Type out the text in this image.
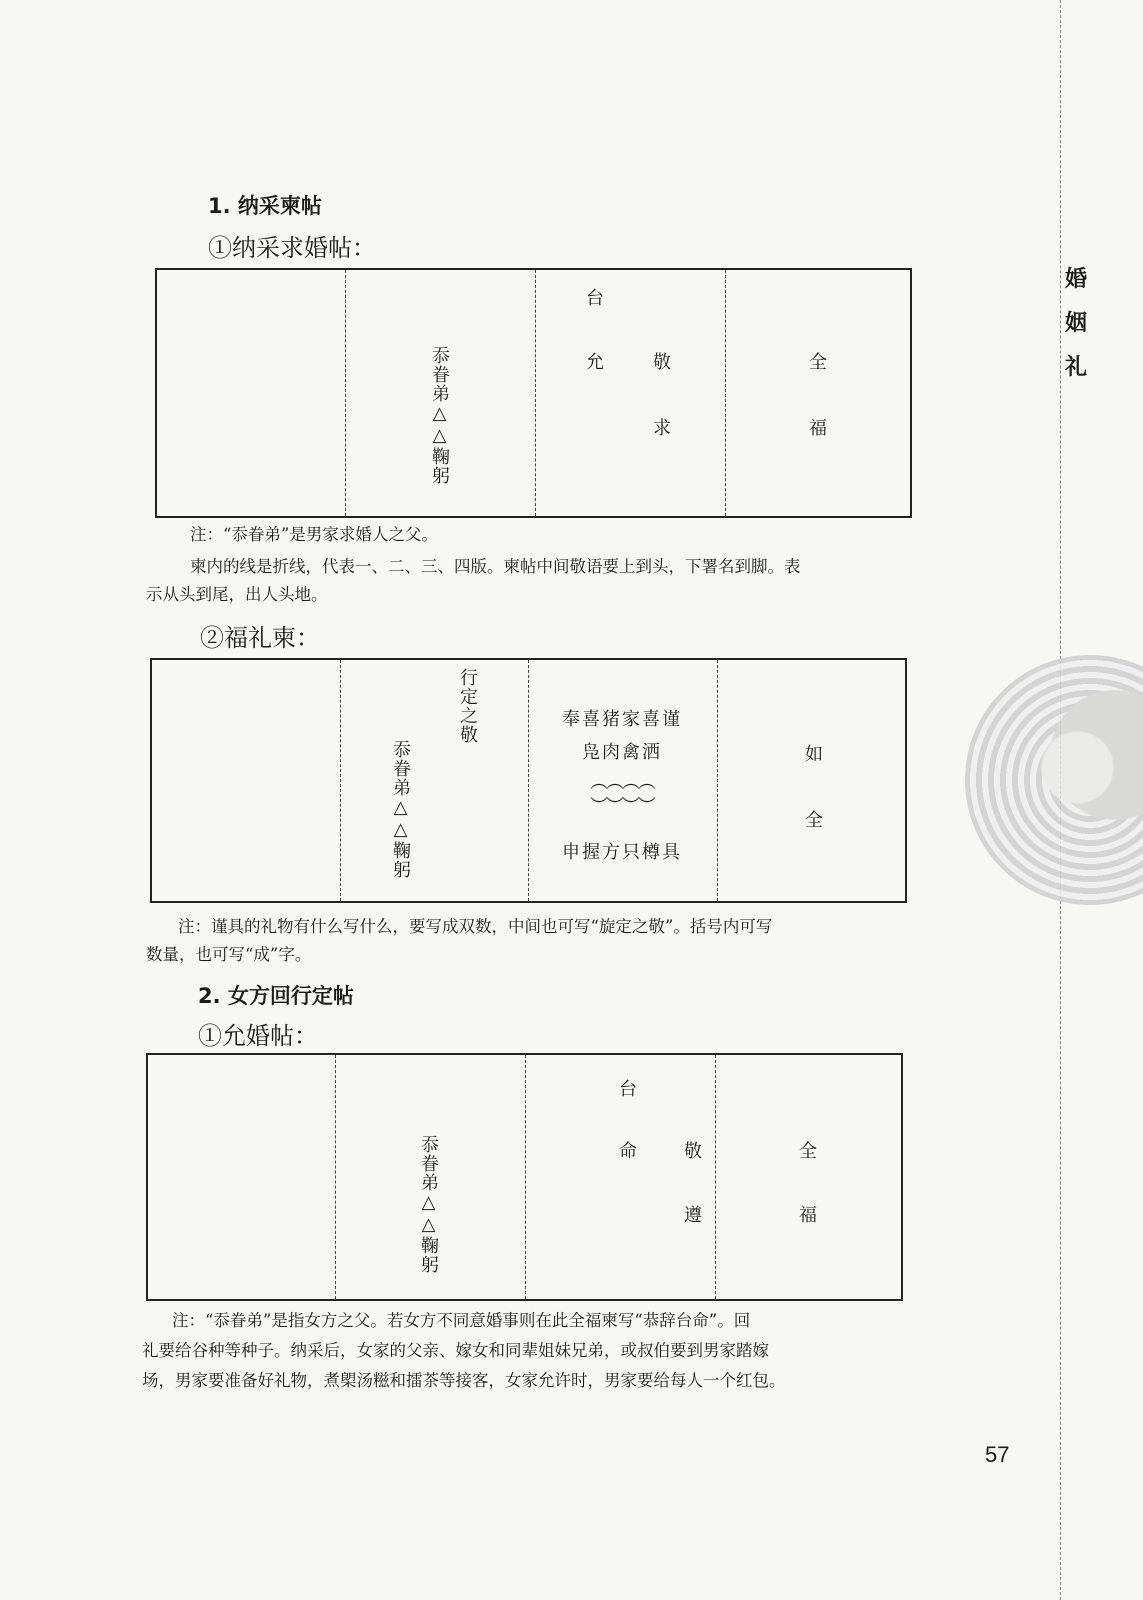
婚
姻
礼
1. 纳采柬帖
①纳采求婚帖：
忝眷弟△△鞠躬
台
允	敬
求
全
福
注：“忝眷弟”是男家求婚人之父。
柬内的线是折线，代表一、二、三、四版。柬帖中间敬语要上到头，下署名到脚。表
示从头到尾，出人头地。
②福礼柬：
行定之敬
忝眷弟△△鞠躬
奉喜猪家喜谨
凫肉禽洒
︵︵︵︵
︶︶︶︶
申握方只樽具
如
全
注：谨具的礼物有什么写什么，要写成双数，中间也可写“旋定之敬”。括号内可写
数量，也可写“成”字。
2. 女方回行定帖
①允婚帖：
忝眷弟△△鞠躬
台
命	敬
遵
全
福
注：“忝眷弟”是指女方之父。若女方不同意婚事则在此全福柬写“恭辞台命”。回
礼要给谷种等种子。纳采后，女家的父亲、嫁女和同辈姐妹兄弟，或叔伯要到男家踏嫁
场，男家要准备好礼物，煮㮾汤糍和擂茶等接客，女家允许时，男家要给每人一个红包。
57
